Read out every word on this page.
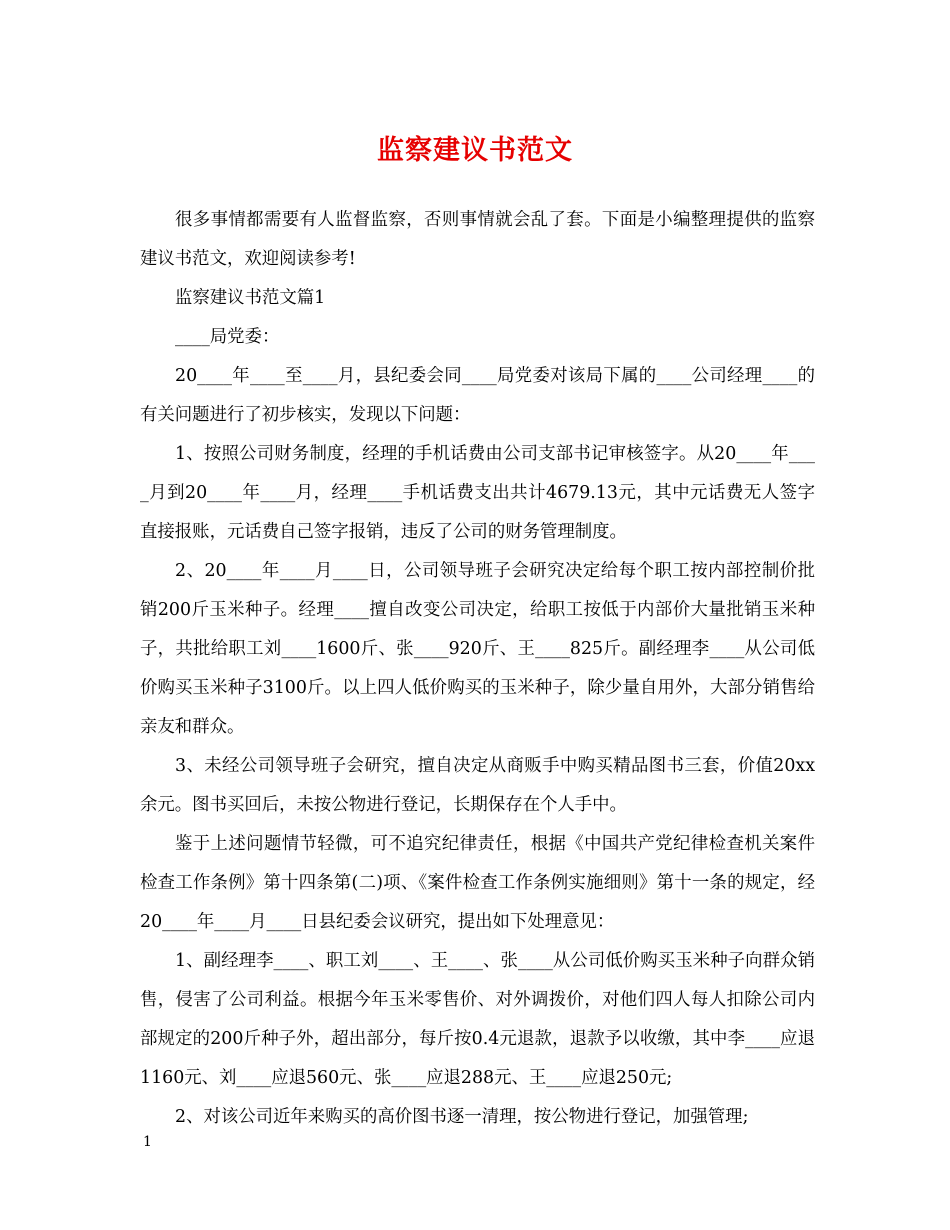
监察建议书范文

很多事情都需要有人监督监察，否则事情就会乱了套。下面是小编整理提供的监察建议书范文，欢迎阅读参考!

监察建议书范文篇1

____局党委：

20____年____至____月，县纪委会同____局党委对该局下属的____公司经理____的有关问题进行了初步核实，发现以下问题：

1、按照公司财务制度，经理的手机话费由公司支部书记审核签字。从20____年____月到20____年____月，经理____手机话费支出共计4679.13元，其中元话费无人签字直接报账，元话费自己签字报销，违反了公司的财务管理制度。

2、20____年____月____日，公司领导班子会研究决定给每个职工按内部控制价批销200斤玉米种子。经理____擅自改变公司决定，给职工按低于内部价大量批销玉米种子，共批给职工刘____1600斤、张____920斤、王____825斤。副经理李____从公司低价购买玉米种子3100斤。以上四人低价购买的玉米种子，除少量自用外，大部分销售给亲友和群众。

3、未经公司领导班子会研究，擅自决定从商贩手中购买精品图书三套，价值20xx余元。图书买回后，未按公物进行登记，长期保存在个人手中。

鉴于上述问题情节轻微，可不追究纪律责任，根据《中国共产党纪律检查机关案件检查工作条例》第十四条第(二)项、《案件检查工作条例实施细则》第十一条的规定，经20____年____月____日县纪委会议研究，提出如下处理意见：

1、副经理李____、职工刘____、王____、张____从公司低价购买玉米种子向群众销售，侵害了公司利益。根据今年玉米零售价、对外调拨价，对他们四人每人扣除公司内部规定的200斤种子外，超出部分，每斤按0.4元退款，退款予以收缴，其中李____应退1160元、刘____应退560元、张____应退288元、王____应退250元;

2、对该公司近年来购买的高价图书逐一清理，按公物进行登记，加强管理;

1
